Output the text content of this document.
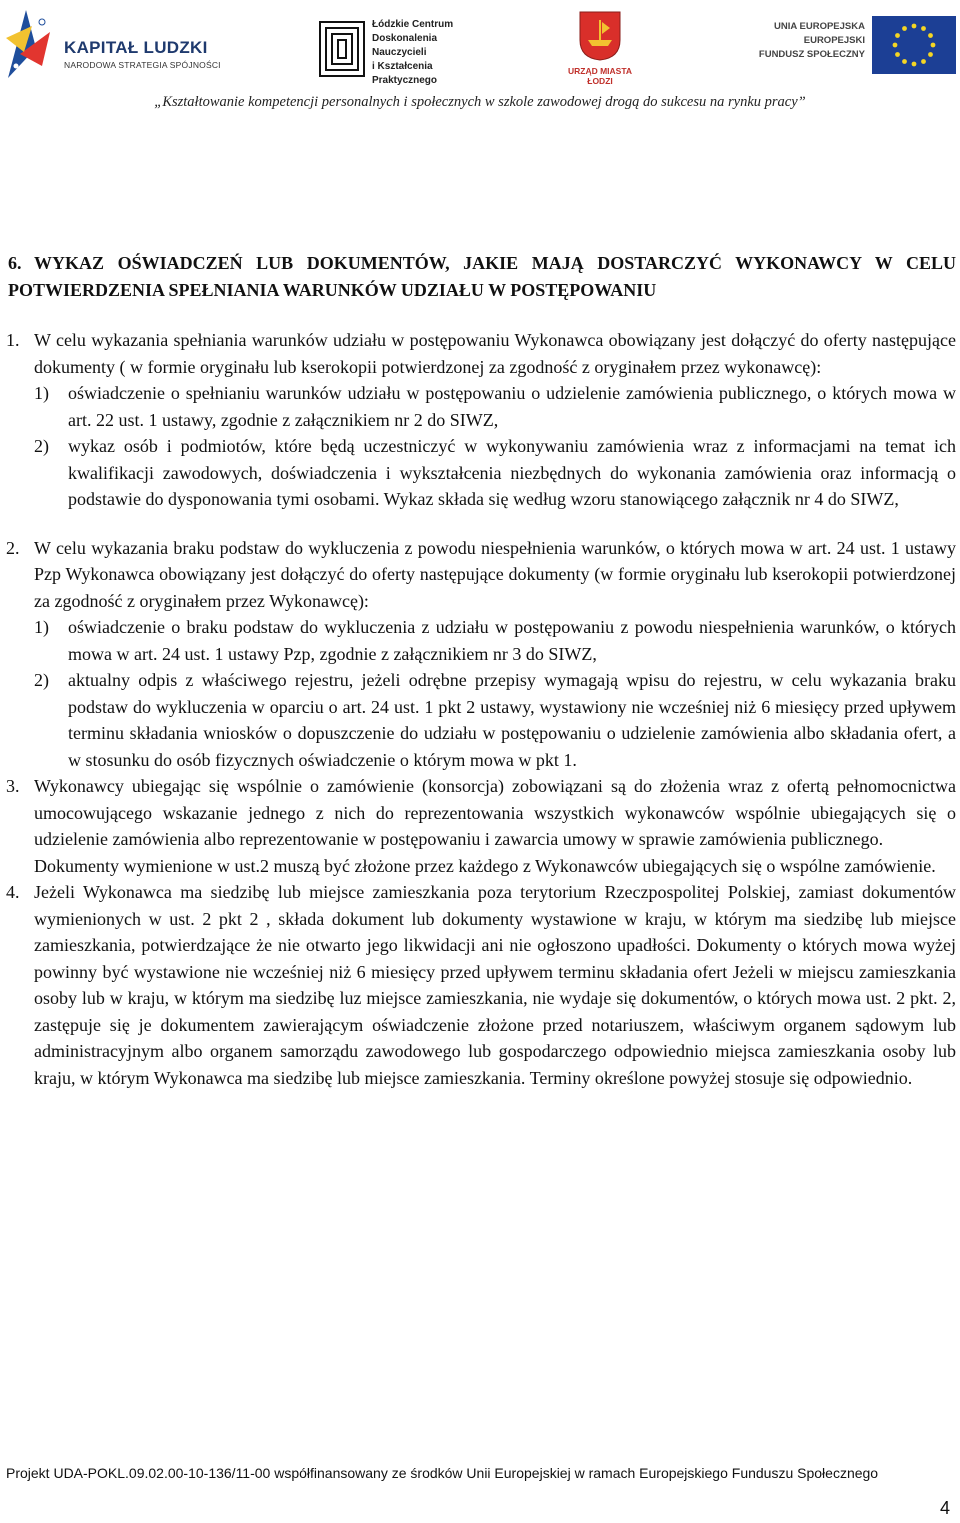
KAPITAŁ LUDZKI
NARODOWA STRATEGIA SPÓJNOŚCI
Łódzkie Centrum
Doskonalenia Nauczycieli
i Kształcenia Praktycznego
URZĄD MIASTA ŁODZI
UNIA EUROPEJSKA
EUROPEJSKI
FUNDUSZ SPOŁECZNY
„Kształtowanie kompetencji personalnych i społecznych w szkole zawodowej drogą do sukcesu na rynku pracy”
6. WYKAZ OŚWIADCZEŃ LUB DOKUMENTÓW, JAKIE MAJĄ DOSTARCZYĆ WYKONAWCY W CELU POTWIERDZENIA SPEŁNIANIA WARUNKÓW UDZIAŁU W POSTĘPOWANIU
1. W celu wykazania spełniania warunków udziału w postępowaniu Wykonawca obowiązany jest dołączyć do oferty następujące dokumenty ( w formie oryginału lub kserokopii potwierdzonej za zgodność z oryginałem przez wykonawcę):

1) oświadczenie o spełnianiu warunków udziału w postępowaniu o udzielenie zamówienia publicznego, o których mowa w art. 22 ust. 1 ustawy, zgodnie z załącznikiem nr 2 do SIWZ,

2) wykaz osób i podmiotów, które będą uczestniczyć w wykonywaniu zamówienia wraz z informacjami na temat ich kwalifikacji zawodowych, doświadczenia i wykształcenia niezbędnych do wykonania zamówienia oraz informacją o podstawie do dysponowania tymi osobami. Wykaz składa się według wzoru stanowiącego załącznik nr 4 do SIWZ,

2. W celu wykazania braku podstaw do wykluczenia z powodu niespełnienia warunków, o których mowa w art. 24 ust. 1 ustawy Pzp Wykonawca obowiązany jest dołączyć do oferty następujące dokumenty (w formie oryginału lub kserokopii potwierdzonej za zgodność z oryginałem przez Wykonawcę):

1) oświadczenie o braku podstaw do wykluczenia z udziału w postępowaniu z powodu niespełnienia warunków, o których mowa w art. 24 ust. 1 ustawy Pzp, zgodnie z załącznikiem nr 3 do SIWZ,

2) aktualny odpis z właściwego rejestru, jeżeli odrębne przepisy wymagają wpisu do rejestru, w celu wykazania braku podstaw do wykluczenia w oparciu o art. 24 ust. 1 pkt 2 ustawy, wystawiony nie wcześniej niż 6 miesięcy przed upływem terminu składania wniosków o dopuszczenie do udziału w postępowaniu o udzielenie zamówienia albo składania ofert, a w stosunku do osób fizycznych oświadczenie o którym mowa w pkt 1.

3. Wykonawcy ubiegając się wspólnie o zamówienie (konsorcja) zobowiązani są do złożenia wraz z ofertą pełnomocnictwa umocowującego wskazanie jednego z nich do reprezentowania wszystkich wykonawców wspólnie ubiegających się o udzielenie zamówienia albo reprezentowanie w postępowaniu i zawarcia umowy w sprawie zamówienia publicznego.

Dokumenty wymienione w ust.2 muszą być złożone przez każdego z Wykonawców ubiegających się o wspólne zamówienie.

4. Jeżeli Wykonawca ma siedzibę lub miejsce zamieszkania poza terytorium Rzeczpospolitej Polskiej, zamiast dokumentów wymienionych w ust. 2 pkt 2 , składa dokument lub dokumenty wystawione w kraju, w którym ma siedzibę lub miejsce zamieszkania, potwierdzające że nie otwarto jego likwidacji ani nie ogłoszono upadłości. Dokumenty o których mowa wyżej powinny być wystawione nie wcześniej niż 6 miesięcy przed upływem terminu składania ofert Jeżeli w miejscu zamieszkania osoby lub w kraju, w którym ma siedzibę luz miejsce zamieszkania, nie wydaje się dokumentów, o których mowa ust. 2 pkt. 2, zastępuje się je dokumentem zawierającym oświadczenie złożone przed notariuszem, właściwym organem sądowym lub administracyjnym albo organem samorządu zawodowego lub gospodarczego odpowiednio miejsca zamieszkania osoby lub kraju, w którym Wykonawca ma siedzibę lub miejsce zamieszkania. Terminy określone powyżej stosuje się odpowiednio.

Projekt UDA-POKL.09.02.00-10-136/11-00 współfinansowany ze środków Unii Europejskiej w ramach Europejskiego Funduszu Społecznego
4
